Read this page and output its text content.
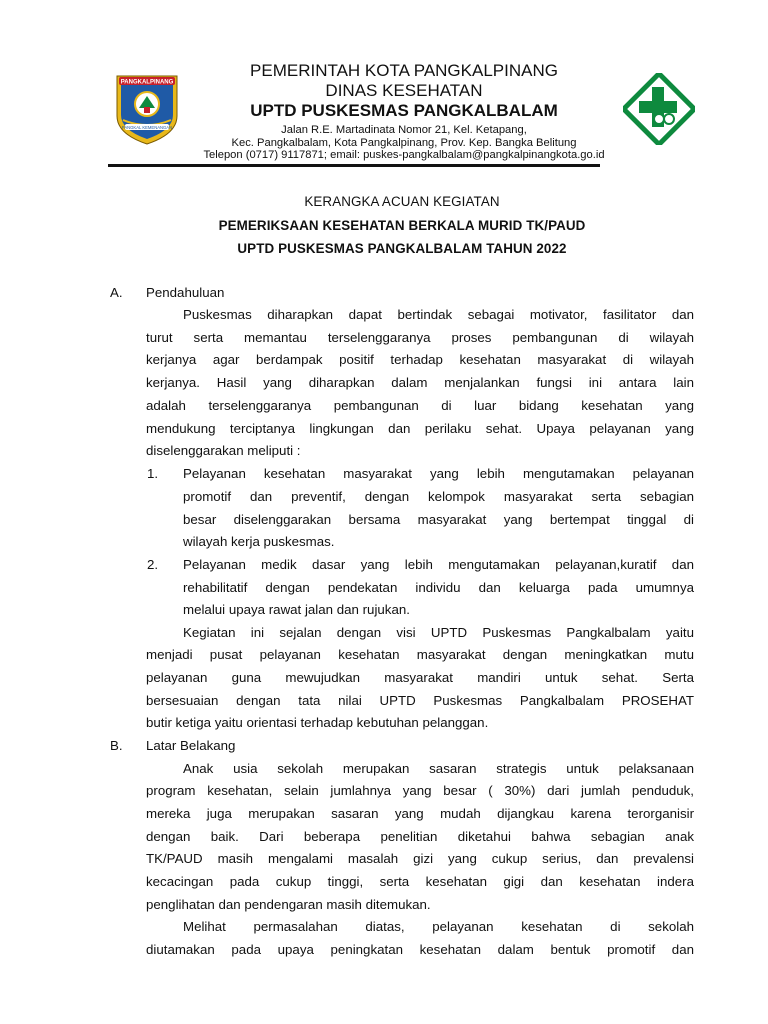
PANGKALPINANG
PANGKAL KEMENANGAN
PEMERINTAH KOTA PANGKALPINANG
DINAS KESEHATAN
UPTD PUSKESMAS PANGKALBALAM
Jalan R.E. Martadinata Nomor 21, Kel. Ketapang,
Kec. Pangkalbalam, Kota Pangkalpinang, Prov. Kep. Bangka Belitung
Telepon (0717) 9117871; email: puskes-pangkalbalam@pangkalpinangkota.go.id
KERANGKA ACUAN KEGIATAN
PEMERIKSAAN KESEHATAN BERKALA MURID TK/PAUD
UPTD PUSKESMAS PANGKALBALAM TAHUN 2022
A. Pendahuluan
Puskesmas diharapkan dapat bertindak sebagai motivator, fasilitator dan
turut serta memantau terselenggaranya proses pembangunan di wilayah
kerjanya agar berdampak positif terhadap kesehatan masyarakat di wilayah
kerjanya. Hasil yang diharapkan dalam menjalankan fungsi ini antara lain
adalah terselenggaranya pembangunan di luar bidang kesehatan yang
mendukung terciptanya lingkungan dan perilaku sehat. Upaya pelayanan yang
diselenggarakan meliputi :
1. Pelayanan kesehatan masyarakat yang lebih mengutamakan pelayanan
promotif dan preventif, dengan kelompok masyarakat serta sebagian
besar diselenggarakan bersama masyarakat yang bertempat tinggal di
wilayah kerja puskesmas.
2. Pelayanan medik dasar yang lebih mengutamakan pelayanan,kuratif dan
rehabilitatif dengan pendekatan individu dan keluarga pada umumnya
melalui upaya rawat jalan dan rujukan.
Kegiatan ini sejalan dengan visi UPTD Puskesmas Pangkalbalam yaitu
menjadi pusat pelayanan kesehatan masyarakat dengan meningkatkan mutu
pelayanan guna mewujudkan masyarakat mandiri untuk sehat. Serta
bersesuaian dengan tata nilai UPTD Puskesmas Pangkalbalam PROSEHAT
butir ketiga yaitu orientasi terhadap kebutuhan pelanggan.
B. Latar Belakang
Anak usia sekolah merupakan sasaran strategis untuk pelaksanaan
program kesehatan, selain jumlahnya yang besar ( 30%) dari jumlah penduduk,
mereka juga merupakan sasaran yang mudah dijangkau karena terorganisir
dengan baik. Dari beberapa penelitian diketahui bahwa sebagian anak
TK/PAUD masih mengalami masalah gizi yang cukup serius, dan prevalensi
kecacingan pada cukup tinggi, serta kesehatan gigi dan kesehatan indera
penglihatan dan pendengaran masih ditemukan.
Melihat permasalahan diatas, pelayanan kesehatan di sekolah
diutamakan pada upaya peningkatan kesehatan dalam bentuk promotif dan
